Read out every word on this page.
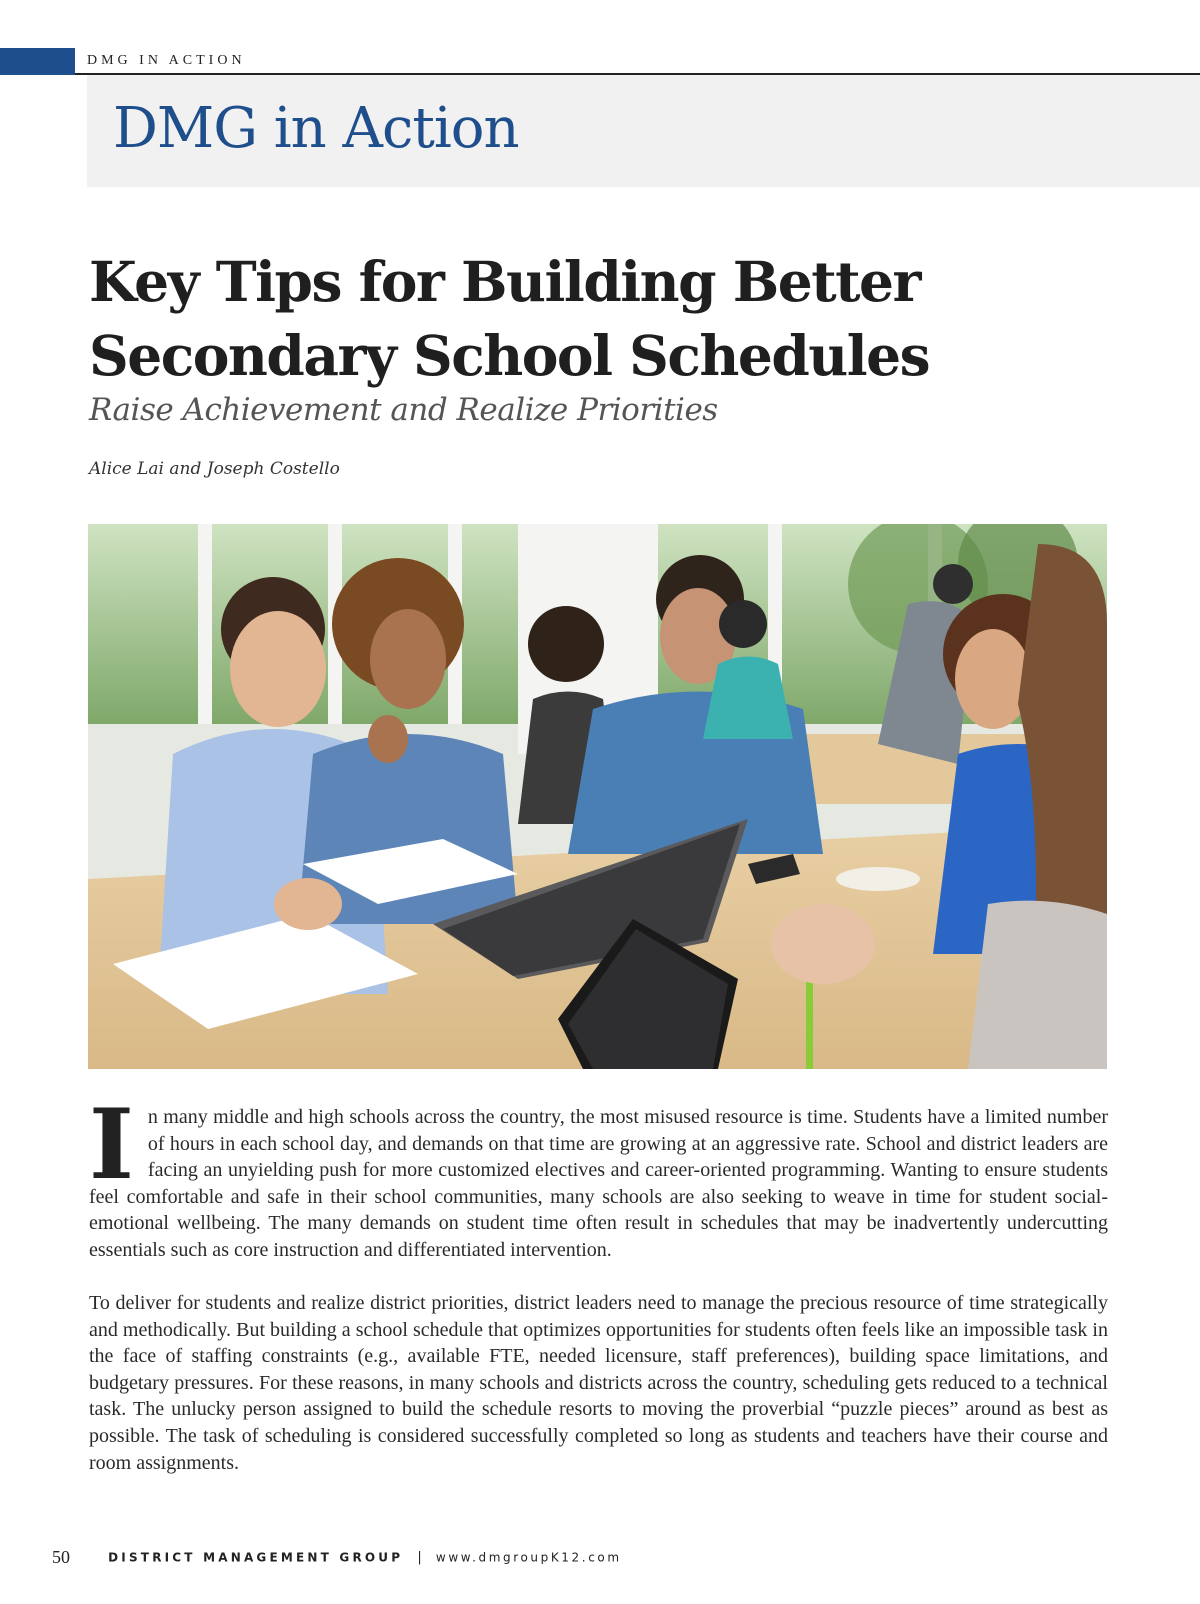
DMG IN ACTION
DMG in Action
Key Tips for Building Better Secondary School Schedules
Raise Achievement and Realize Priorities
Alice Lai and Joseph Costello

In many middle and high schools across the country, the most misused resource is time. Students have a limited number of hours in each school day, and demands on that time are growing at an aggressive rate. School and district leaders are facing an unyielding push for more customized electives and career-oriented programming. Wanting to ensure students feel comfortable and safe in their school communities, many schools are also seeking to weave in time for student social-emotional wellbeing. The many demands on student time often result in schedules that may be inadvertently undercutting essentials such as core instruction and differentiated intervention.

To deliver for students and realize district priorities, district leaders need to manage the precious resource of time strategically and methodically. But building a school schedule that optimizes opportunities for students often feels like an impossible task in the face of staffing constraints (e.g., available FTE, needed licensure, staff preferences), building space limitations, and budgetary pressures. For these reasons, in many schools and districts across the country, scheduling gets reduced to a technical task. The unlucky person assigned to build the schedule resorts to moving the proverbial “puzzle pieces” around as best as possible. The task of scheduling is considered successfully completed so long as students and teachers have their course and room assignments.

50	DISTRICT MANAGEMENT GROUP | www.dmgroupK12.com
